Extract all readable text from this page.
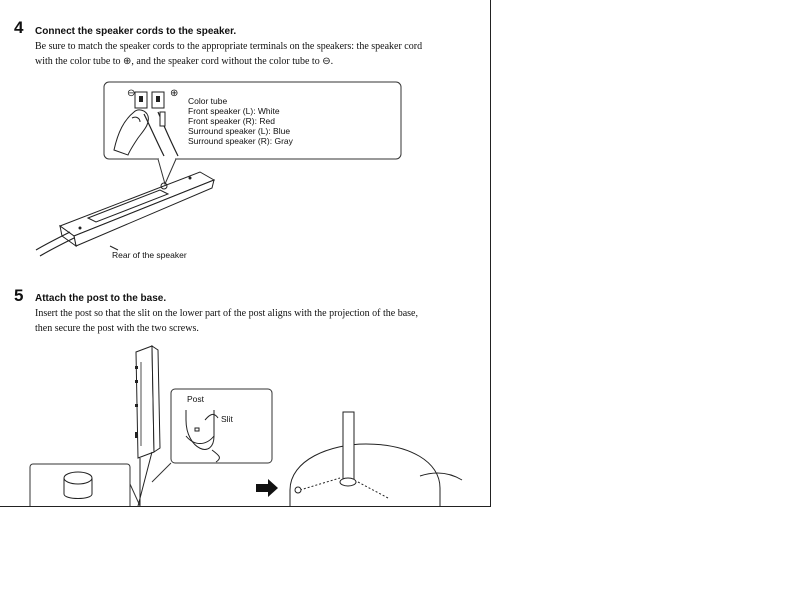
4 Connect the speaker cords to the speaker.
Be sure to match the speaker cords to the appropriate terminals on the speakers: the speaker cord
with the color tube to ⊕, and the speaker cord without the color tube to ⊖.
⊖	⊕
Color tube
Front speaker (L): White
Front speaker (R): Red
Surround speaker (L): Blue
Surround speaker (R): Gray
Rear of the speaker
5 Attach the post to the base.
Insert the post so that the slit on the lower part of the post aligns with the projection of the base,
then secure the post with the two screws.
Post
Slit
